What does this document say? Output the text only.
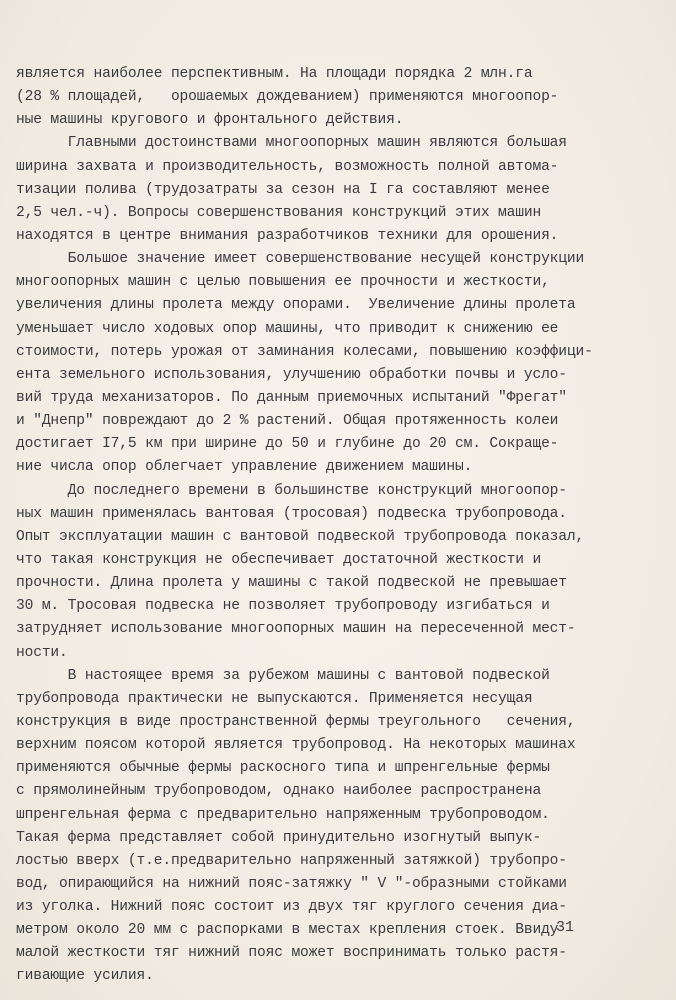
является наиболее перспективным. На площади порядка 2 млн.га
(28 % площадей,   орошаемых дождеванием) применяются многоопор-
ные машины кругового и фронтального действия.
Главными достоинствами многоопорных машин являются большая
ширина захвата и производительность, возможность полной автома-
тизации полива (трудозатраты за сезон на I га составляют менее
2,5 чел.-ч). Вопросы совершенствования конструкций этих машин
находятся в центре внимания разработчиков техники для орошения.
Большое значение имеет совершенствование несущей конструкции
многоопорных машин с целью повышения ее прочности и жесткости,
увеличения длины пролета между опорами.  Увеличение длины пролета
уменьшает число ходовых опор машины, что приводит к снижению ее
стоимости, потерь урожая от заминания колесами, повышению коэффици-
ента земельного использования, улучшению обработки почвы и усло-
вий труда механизаторов. По данным приемочных испытаний "Фрегат"
и "Днепр" повреждают до 2 % растений. Общая протяженность колеи
достигает I7,5 км при ширине до 50 и глубине до 20 см. Сокраще-
ние числа опор облегчает управление движением машины.
До последнего времени в большинстве конструкций многоопор-
ных машин применялась вантовая (тросовая) подвеска трубопровода.
Опыт эксплуатации машин с вантовой подвеской трубопровода показал,
что такая конструкция не обеспечивает достаточной жесткости и
прочности. Длина пролета у машины с такой подвеской не превышает
30 м. Тросовая подвеска не позволяет трубопроводу изгибаться и
затрудняет использование многоопорных машин на пересеченной мест-
ности.
В настоящее время за рубежом машины с вантовой подвеской
трубопровода практически не выпускаются. Применяется несущая
конструкция в виде пространственной фермы треугольного   сечения,
верхним поясом которой является трубопровод. На некоторых машинах
применяются обычные фермы раскосного типа и шпренгельные фермы
с прямолинейным трубопроводом, однако наиболее распространена
шпренгельная ферма с предварительно напряженным трубопроводом.
Такая ферма представляет собой принудительно изогнутый выпук-
лостью вверх (т.е.предварительно напряженный затяжкой) трубопро-
вод, опирающийся на нижний пояс-затяжку " V "-образными стойками
из уголка. Нижний пояс состоит из двух тяг круглого сечения диа-
метром около 20 мм с распорками в местах крепления стоек. Ввиду
малой жесткости тяг нижний пояс может воспринимать только растя-
гивающие усилия.
31
